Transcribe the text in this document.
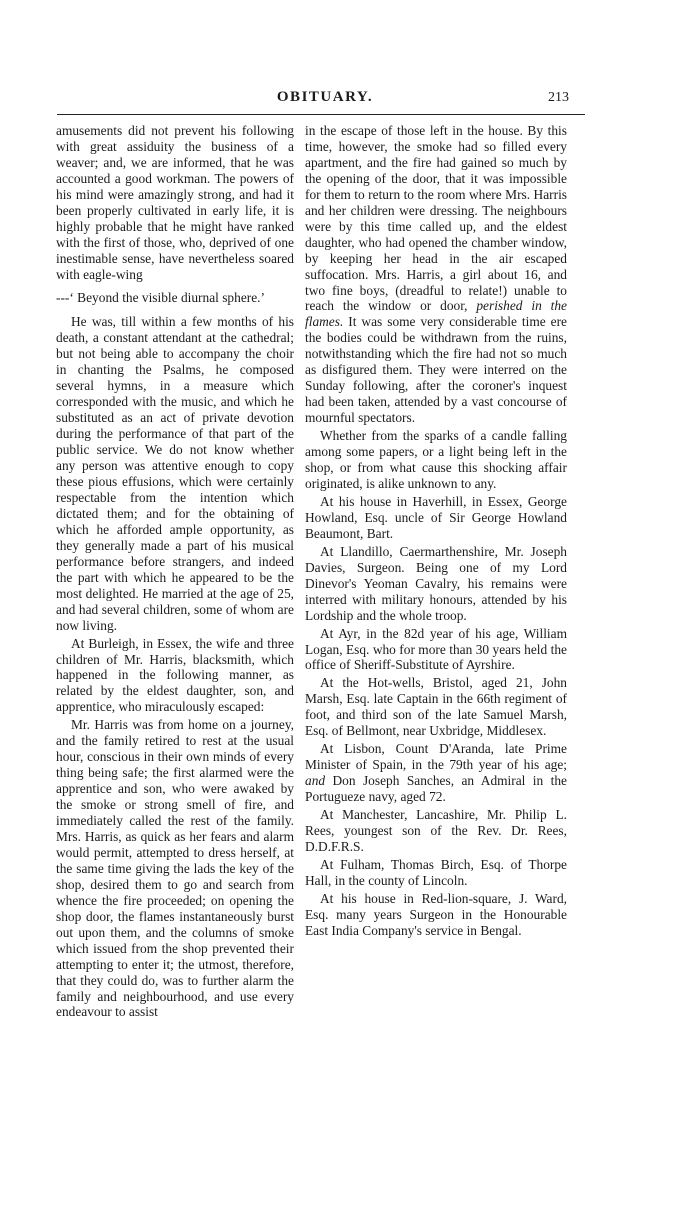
OBITUARY.	213

amusements did not prevent his following with great assiduity the business of a weaver; and, we are informed, that he was accounted a good workman. The powers of his mind were amazingly strong, and had it been properly cultivated in early life, it is highly probable that he might have ranked with the first of those, who, deprived of one inestimable sense, have nevertheless soared with eagle-wing

---‘ Beyond the visible diurnal sphere.’

He was, till within a few months of his death, a constant attendant at the cathedral; but not being able to accompany the choir in chanting the Psalms, he composed several hymns, in a measure which corresponded with the music, and which he substituted as an act of private devotion during the performance of that part of the public service. We do not know whether any person was attentive enough to copy these pious effusions, which were certainly respectable from the intention which dictated them; and for the obtaining of which he afforded ample opportunity, as they generally made a part of his musical performance before strangers, and indeed the part with which he appeared to be the most delighted. He married at the age of 25, and had several children, some of whom are now living.

At Burleigh, in Essex, the wife and three children of Mr. Harris, blacksmith, which happened in the following manner, as related by the eldest daughter, son, and apprentice, who miraculously escaped:

Mr. Harris was from home on a journey, and the family retired to rest at the usual hour, conscious in their own minds of every thing being safe; the first alarmed were the apprentice and son, who were awaked by the smoke or strong smell of fire, and immediately called the rest of the family. Mrs. Harris, as quick as her fears and alarm would permit, attempted to dress herself, at the same time giving the lads the key of the shop, desired them to go and search from whence the fire proceeded; on opening the shop door, the flames instantaneously burst out upon them, and the columns of smoke which issued from the shop prevented their attempting to enter it; the utmost, therefore, that they could do, was to further alarm the family and neighbourhood, and use every endeavour to assist

in the escape of those left in the house. By this time, however, the smoke had so filled every apartment, and the fire had gained so much by the opening of the door, that it was impossible for them to return to the room where Mrs. Harris and her children were dressing. The neighbours were by this time called up, and the eldest daughter, who had opened the chamber window, by keeping her head in the air escaped suffocation. Mrs. Harris, a girl about 16, and two fine boys, (dreadful to relate!) unable to reach the window or door, perished in the flames. It was some very considerable time ere the bodies could be withdrawn from the ruins, notwithstanding which the fire had not so much as disfigured them. They were interred on the Sunday following, after the coroner's inquest had been taken, attended by a vast concourse of mournful spectators.

Whether from the sparks of a candle falling among some papers, or a light being left in the shop, or from what cause this shocking affair originated, is alike unknown to any.

At his house in Haverhill, in Essex, George Howland, Esq. uncle of Sir George Howland Beaumont, Bart.

At Llandillo, Caermarthenshire, Mr. Joseph Davies, Surgeon. Being one of my Lord Dinevor's Yeoman Cavalry, his remains were interred with military honours, attended by his Lordship and the whole troop.

At Ayr, in the 82d year of his age, William Logan, Esq. who for more than 30 years held the office of Sheriff-Substitute of Ayrshire.

At the Hot-wells, Bristol, aged 21, John Marsh, Esq. late Captain in the 66th regiment of foot, and third son of the late Samuel Marsh, Esq. of Bellmont, near Uxbridge, Middlesex.

At Lisbon, Count D'Aranda, late Prime Minister of Spain, in the 79th year of his age; and Don Joseph Sanches, an Admiral in the Portugueze navy, aged 72.

At Manchester, Lancashire, Mr. Philip L. Rees, youngest son of the Rev. Dr. Rees, D.D.F.R.S.

At Fulham, Thomas Birch, Esq. of Thorpe Hall, in the county of Lincoln.

At his house in Red-lion-square, J. Ward, Esq. many years Surgeon in the Honourable East India Company's service in Bengal.
